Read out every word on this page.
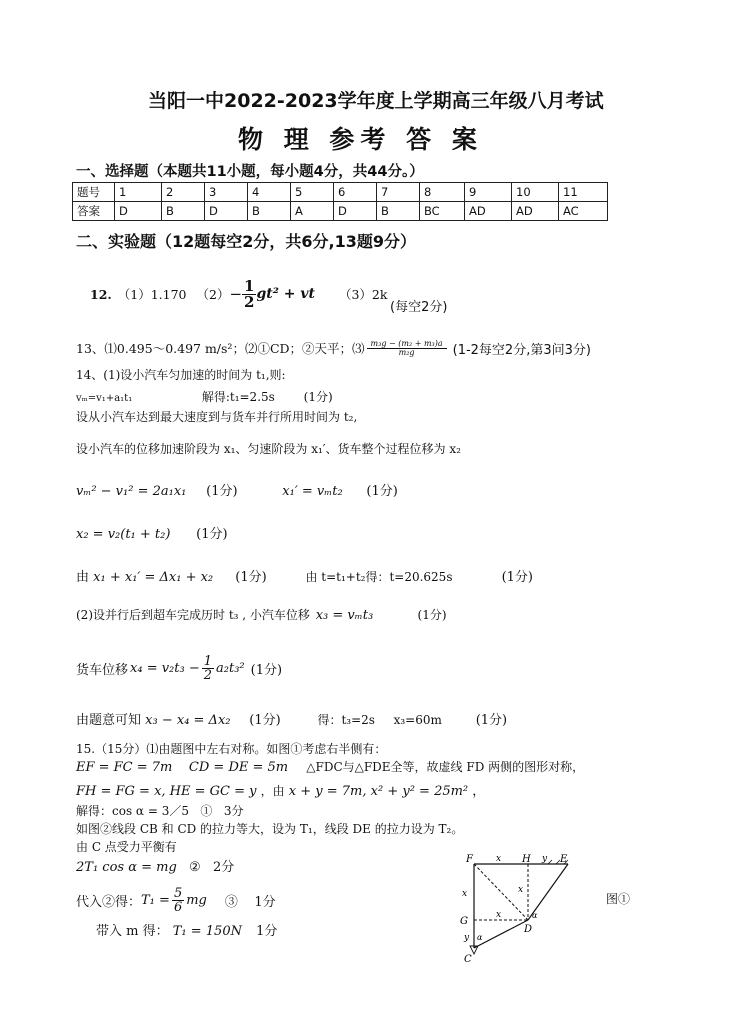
当阳一中2022-2023学年度上学期高三年级八月考试
物 理 参考 答 案
一、选择题（本题共11小题，每小题4分，共44分。）
题号	1	2	3	4	5	6	7	8	9	10	11
答案	D	B	D	B	A	D	B	BC	AD	AD	AC
二、实验题（12题每空2分，共6分,13题9分）
12. （1）1.170 $(2) - \frac{1}{2} gt^2$ + vt （3）2k
(每空2分)
13、⑴0.495～0.497 m/s²；⑵①CD；②天平；⑶ $\frac{\text{m₃g − (m₂ + m₃)a}}{\text{m₂g}} (1-2$每空2分,第3问3分)
14、(1)设小汽车匀加速的时间为 t₁,则:
vₘ=v₁+a₁t₁	解得:t₁=2.5s (1分)
设从小汽车达到最大速度到与货车并行所用时间为 t₂,
设小汽车的位移加速阶段为 x₁、匀速阶段为 x₁′、货车整个过程位移为 x₂
vₘ² − v₁² = 2a₁x₁ (1分)	x₁′ = vₘt₂ (1分)
x₂ = v₂(t₁ + t₂) (1分)
由 x₁ + x₁′ = Δx₁ + x₂ (1分)	由 t=t₁+t₂得：t=20.625s	(1分)
(2)设并行后到超车完成历时 t₃ , 小汽车位移 x₃ = vₘt₃	(1分)
货车位移 $x_4 = v_2t_3 - \frac{1}{2} a_2t_3^2$ (1分)
由题意可知 x₃ − x₄ = Δx₂ (1分)	得：t₃=2s x₃=60m	(1分)
15.（15分）⑴由题图中左右对称。如图①考虑右半侧有：
EF = FC = 7m    CD = DE = 5m △FDC与△FDE全等，故虚线 FD 两侧的图形对称，
FH = FG = x, HE = GC = y ，由 x + y = 7m, x² + y² = 25m² ，
解得：cos α = 3／5   ①   3分
如图②线段 CB 和 CD 的拉力等大，设为 T₁，线段 DE 的拉力设为 T₂。
由 C 点受力平衡有
2T₁ cos α = mg ②   2分
代入②得： $T_1 = \frac{5}{6}$ mg ③    1分
带入 m 得： T₁ = 150N 1分
F	H	E
G
D
C
x	y
x	x
x
y
α
α
图①
